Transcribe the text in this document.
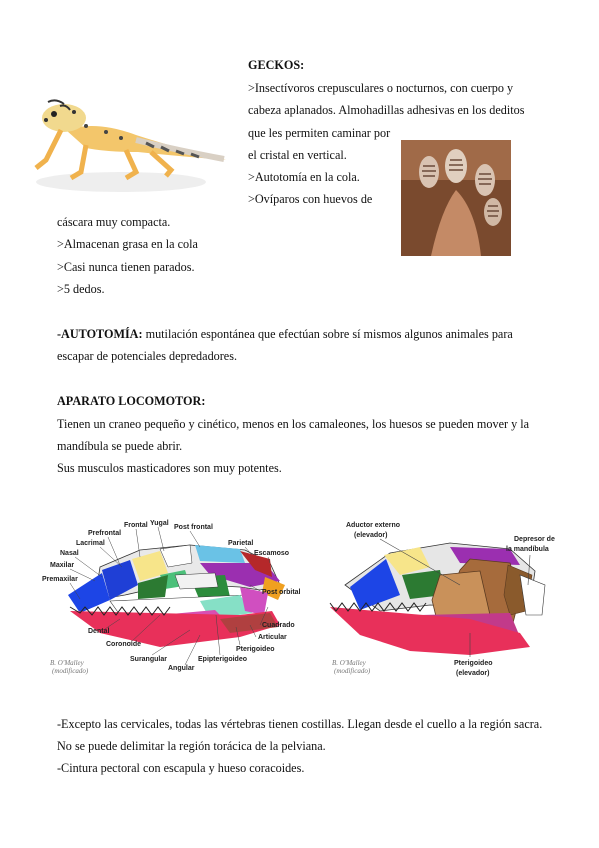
GECKOS:
>Insectívoros crepusculares o nocturnos, con cuerpo y
cabeza aplanados. Almohadillas adhesivas en los deditos
que les permiten caminar por
el cristal en vertical.
>Autotomía en la cola.
>Ovíparos con huevos de
cáscara muy compacta.
>Almacenan grasa en la cola
>Casi nunca tienen parados.
>5 dedos.
-AUTOTOMÍA: mutilación espontánea que efectúan sobre sí mismos algunos animales para
escapar de potenciales depredadores.
APARATO LOCOMOTOR:
Tienen un craneo pequeño y cinético, menos en los camaleones, los huesos se pueden mover y la
mandíbula se puede abrir.
Sus musculos masticadores son muy potentes.
Prefrontal
Frontal Yugal
Post frontal
Lacrimal	Parietal
Nasal	Escamoso
Maxilar
Premaxilar
Post orbital
Cuadrado
Articular
Dental
Pterigoideo
Coronoide
Epipterigoideo
Surangular
Angular
B. O'Malley
(modificado)
Aductor externo
(elevador)
Depresor de
la mandíbula
Pterigoideo
(elevador)
B. O'Malley
(modificado)
-Excepto las cervicales, todas las vértebras tienen costillas. Llegan desde el cuello a la región sacra.
No se puede delimitar la región torácica de la pelviana.
-Cintura pectoral con escapula y hueso coracoides.
